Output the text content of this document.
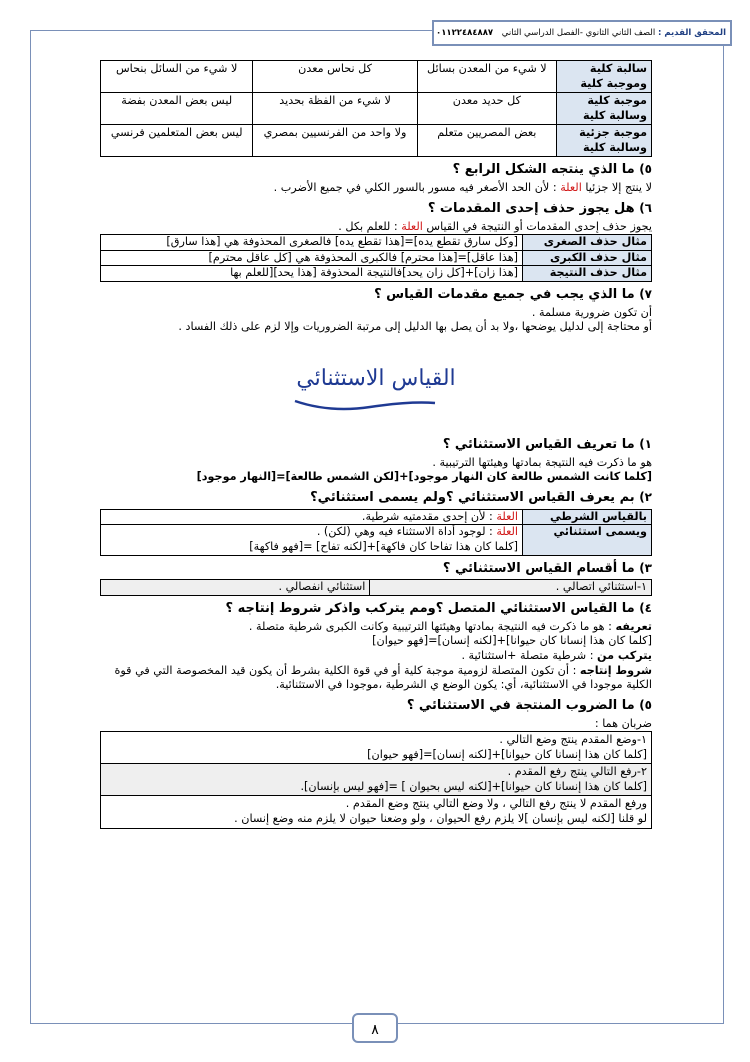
المحقق القديم : الصف الثاني الثانوي -الفصل الدراسي الثاني ٠١١٢٢٤٨٤٨٨٧
سالبة كلية وموجبة كلية	لا شيء من المعدن بسائل	كل نحاس معدن	لا شيء من السائل بنحاس
موجبة كلية وسالبة كلية	كل حديد معدن	لا شيء من الفظة بحديد	ليس بعض المعدن بفضة
موجبة جزئية وسالبة كلية	بعض المصريين متعلم	ولا واحد من الفرنسيين بمصري	ليس بعض المتعلمين فرنسي
٥) ما الذي ينتجه الشكل الرابع ؟

لا ينتج إلا جزئيا العلة : لأن الحد الأصغر فيه مسور بالسور الكلي في جميع الأضرب .

٦) هل يجوز حذف إحدى المقدمات ؟

يجوز حذف إحدى المقدمات أو النتيجة في القياس العلة : للعلم بكل .

مثال حذف الصغرى	[وكل سارق تقطع يده]=[هذا تقطع يده] فالصغرى المحذوفة هي [هذا سارق]
مثال حذف الكبرى	[هذا عاقل]=[هذا محترم] فالكبرى المحذوفة هي [كل عاقل محترم]
مثال حذف النتيجة	[هذا زان]+[كل زان يحد]فالنتيجة المحذوفة [هذا يحد][للعلم بها
٧) ما الذي يجب في جميع مقدمات القياس ؟

أن تكون ضرورية مسلمة .

أو محتاجة إلى لدليل يوضحها ،ولا بد أن يصل بها الدليل إلى مرتبة الضروريات وإلا لزم على ذلك الفساد .

القياس الاستثنائي
١) ما تعريف القياس الاستثنائي ؟

هو ما ذكرت فيه النتيجة بمادتها وهيئتها الترتيبية .

[كلما كانت الشمس طالعة كان النهار موجود]+[لكن الشمس طالعة]=[النهار موجود]

٢) بم يعرف القياس الاستثنائي ؟ولم يسمى استثنائي؟
بالقياس الشرطي	العلة : لأن إحدى مقدمتيه شرطية.
ويسمى استثنائي	العلة : لوجود أداة الاستثناء فيه وهي (لكن) .
[كلما كان هذا تفاحا كان فاكهة]+[لكنه تفاح] =[فهو فاكهة]
٣) ما أقسام القياس الاستثنائي ؟
١-استثنائي اتصالي .	استثنائي انفصالي .
٤) ما القياس الاستثنائي المتصل ؟ومم يتركب واذكر شروط إنتاجه ؟

تعريفه : هو ما ذكرت فيه النتيجة بمادتها وهيئتها الترتيبية وكانت الكبرى شرطية متصلة .

[كلما كان هذا إنسانا كان حيوانا]+[لكنه إنسان]=[فهو حيوان]

يتركب من : شرطية متصلة +استثنائية .

شروط إنتاجه : أن تكون المتصلة لزومية موجبة كلية أو في قوة الكلية بشرط أن يكون قيد المخصوصة التي في قوة الكلية موجودا في الاستثنائية، أي: يكون الوضع ي الشرطية ،موجودا في الاستثنائية.

٥) ما الضروب المنتجة في الاستثنائي ؟

ضربان هما :

١-وضع المقدم ينتج وضع التالي .
[كلما كان هذا إنسانا كان حيوانا]+[لكنه إنسان]=[فهو حيوان]
٢-رفع التالي ينتج رفع المقدم .
[كلما كان هذا إنسانا كان حيوانا]+[لكنه ليس بحيوان ] =[فهو ليس بإنسان].
ورفع المقدم لا ينتج رفع التالي ، ولا وضع التالي ينتج وضع المقدم .
لو قلنا [لكنه ليس بإنسان ]لا يلزم رفع الحيوان ، ولو وضعنا حيوان لا يلزم منه وضع إنسان .
٨
